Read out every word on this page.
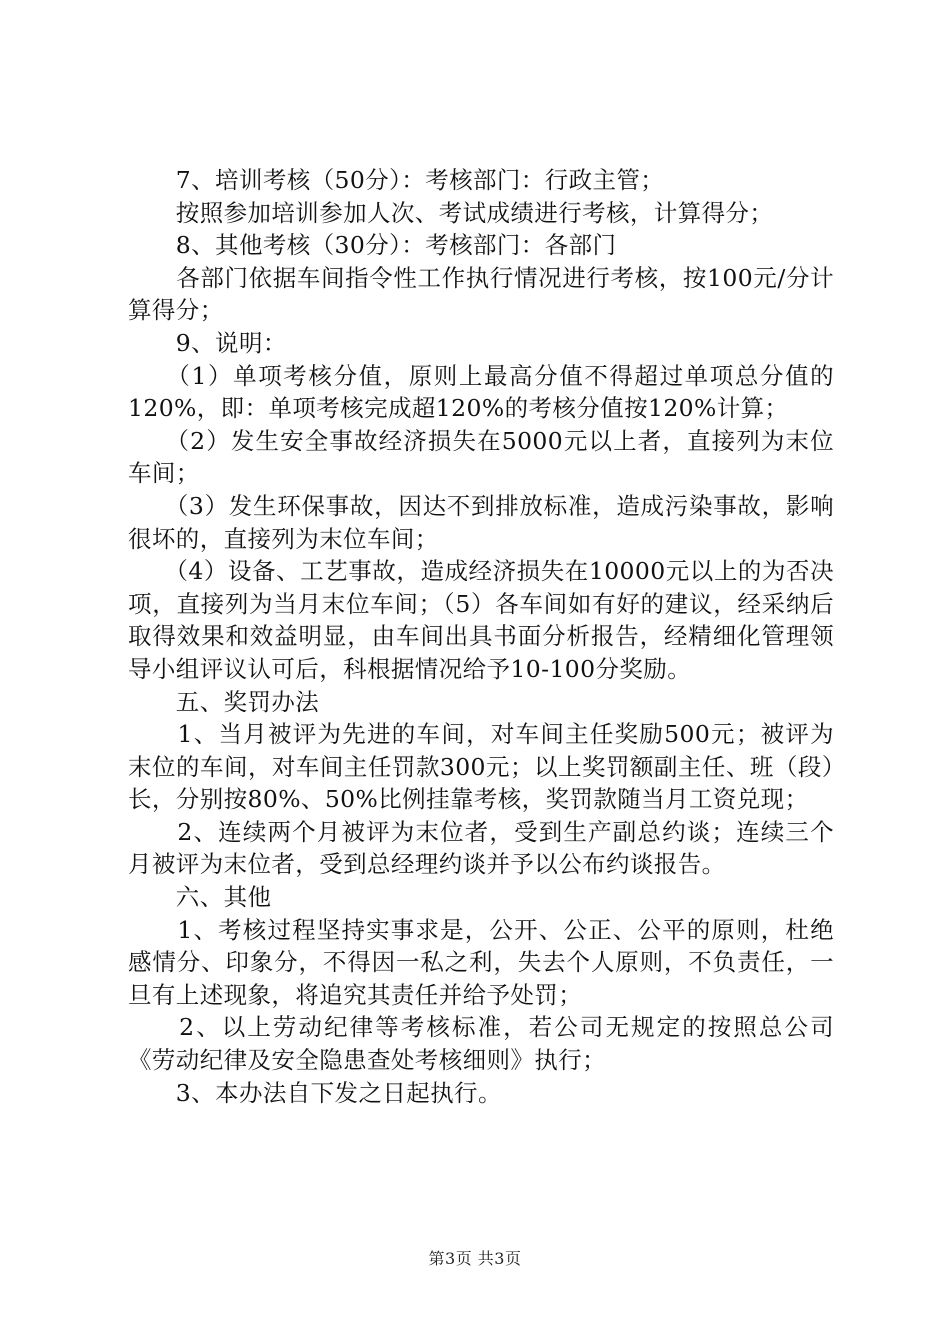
　　7、培训考核（50分）：考核部门：行政主管；

　　按照参加培训参加人次、考试成绩进行考核，计算得分；

　　8、其他考核（30分）：考核部门：各部门

　　各部门依据车间指令性工作执行情况进行考核，按100元/分计算得分；

　　9、说明：

　　（1）单项考核分值，原则上最高分值不得超过单项总分值的120%，即：单项考核完成超120%的考核分值按120%计算；

　　（2）发生安全事故经济损失在5000元以上者，直接列为末位车间；

　　（3）发生环保事故，因达不到排放标准，造成污染事故，影响很坏的，直接列为末位车间；

　　（4）设备、工艺事故，造成经济损失在10000元以上的为否决项，直接列为当月末位车间；（5）各车间如有好的建议，经采纳后取得效果和效益明显，由车间出具书面分析报告，经精细化管理领导小组评议认可后，科根据情况给予10-100分奖励。

　　五、奖罚办法

　　1、当月被评为先进的车间，对车间主任奖励500元；被评为末位的车间，对车间主任罚款300元；以上奖罚额副主任、班（段）长，分别按80%、50%比例挂靠考核，奖罚款随当月工资兑现；

　　2、连续两个月被评为末位者，受到生产副总约谈；连续三个月被评为末位者，受到总经理约谈并予以公布约谈报告。

　　六、其他

　　1、考核过程坚持实事求是，公开、公正、公平的原则，杜绝感情分、印象分，不得因一私之利，失去个人原则，不负责任，一旦有上述现象，将追究其责任并给予处罚；

　　2、以上劳动纪律等考核标准，若公司无规定的按照总公司《劳动纪律及安全隐患查处考核细则》执行；

　　3、本办法自下发之日起执行。

第3页 共3页
